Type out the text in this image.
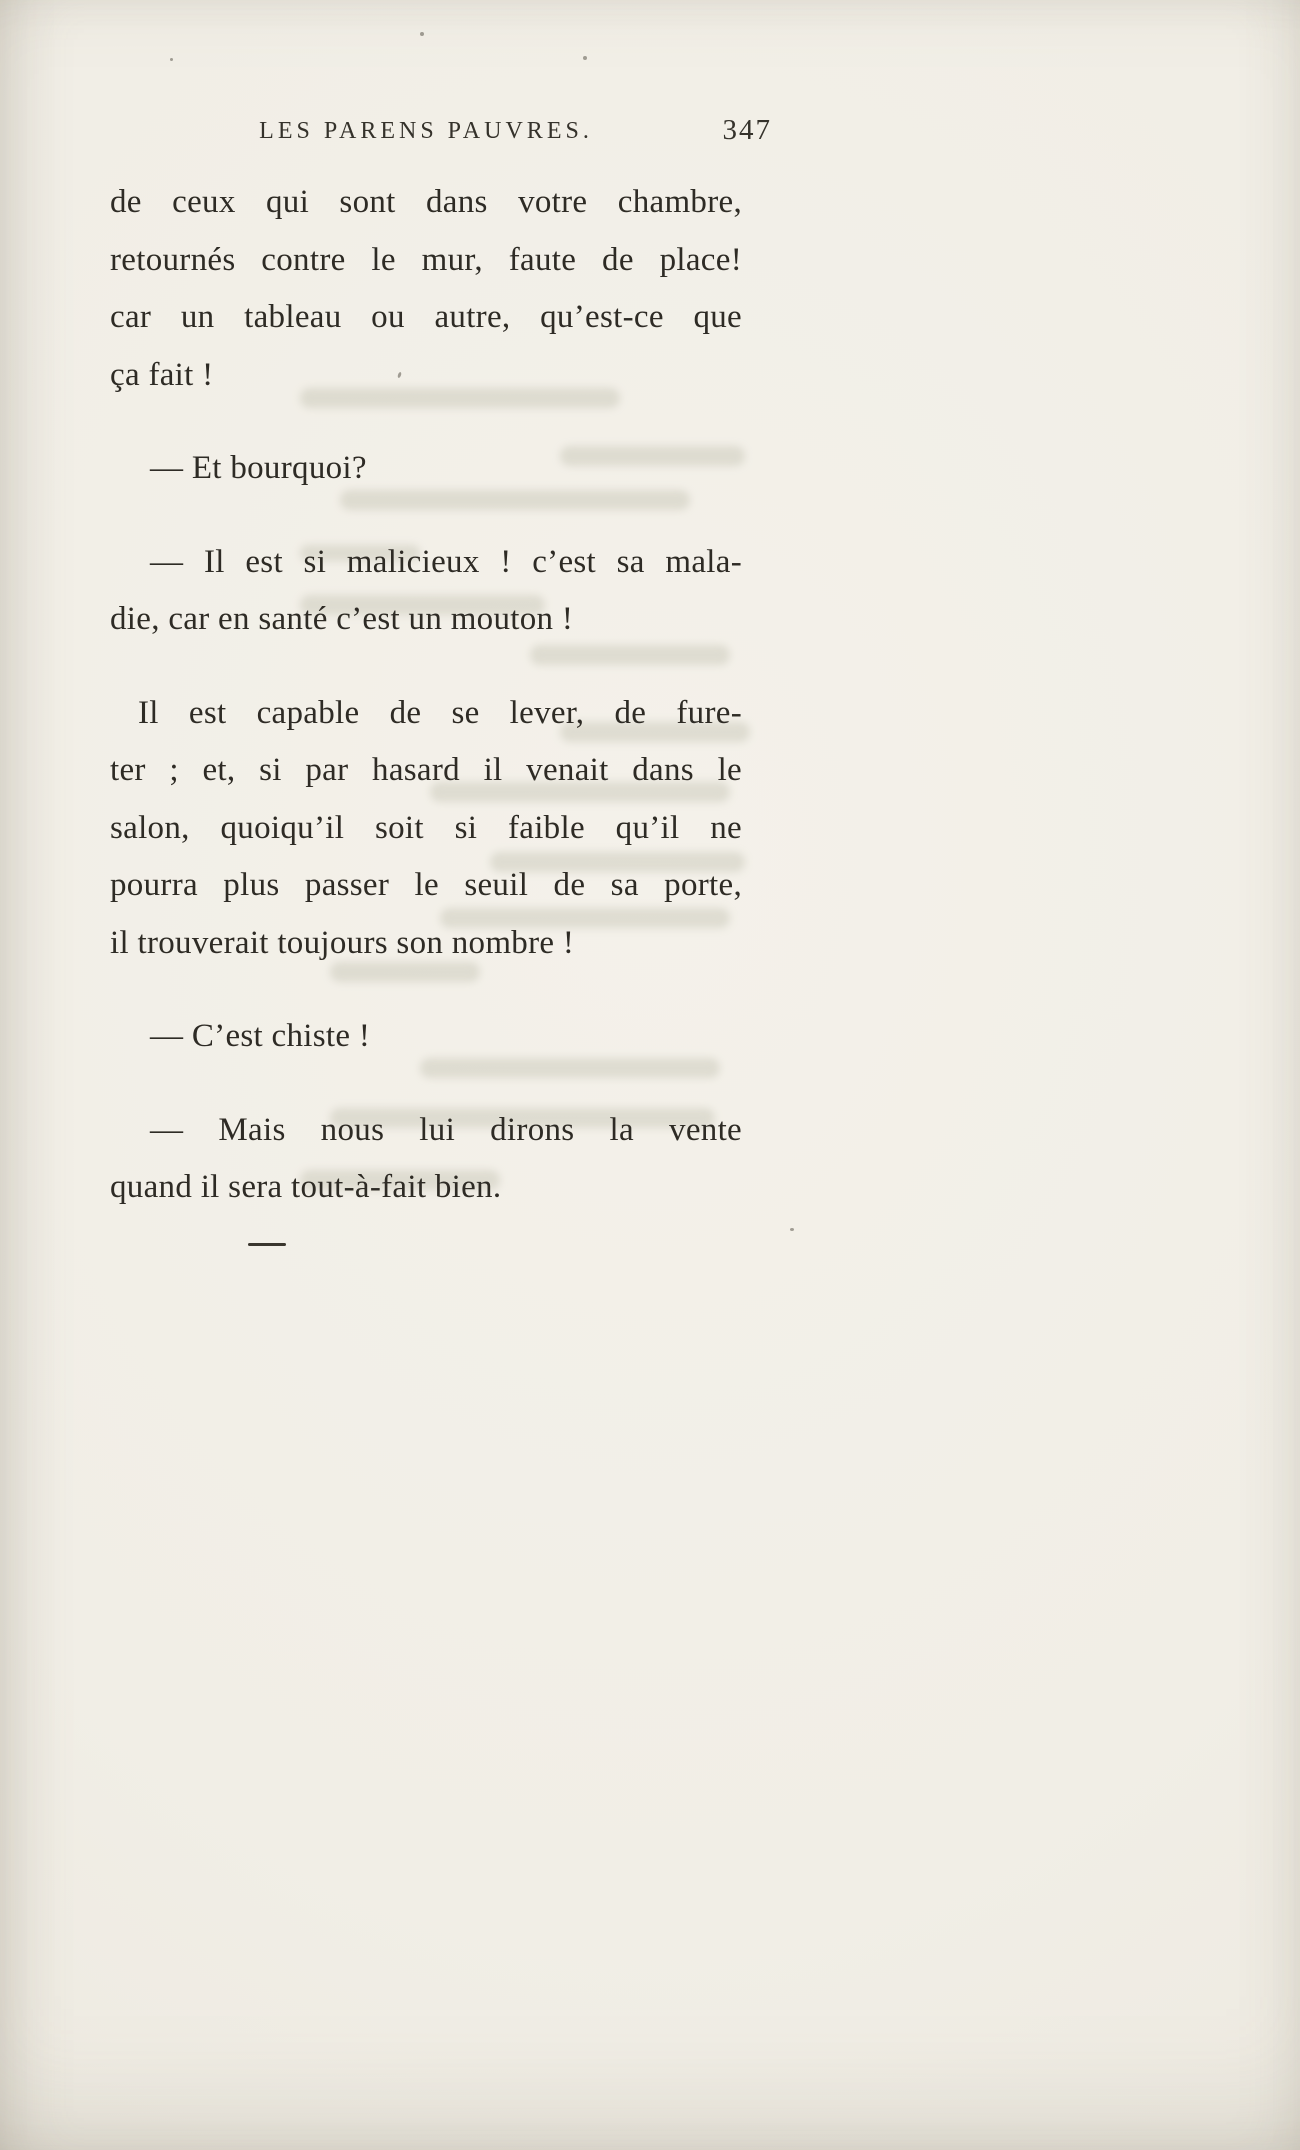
LES PARENS PAUVRES.	347
de ceux qui sont dans votre chambre,
retournés contre le mur, faute de place!
car un tableau ou autre, qu’est-ce que
ça fait !
— Et bourquoi?
— Il est si malicieux ! c’est sa mala-
die, car en santé c’est un mouton !
Il est capable de se lever, de fure-
ter ; et, si par hasard il venait dans le
salon, quoiqu’il soit si faible qu’il ne
pourra plus passer le seuil de sa porte,
il trouverait toujours son nombre !
— C’est chiste !
— Mais nous lui dirons la vente
quand il sera tout-à-fait bien.
